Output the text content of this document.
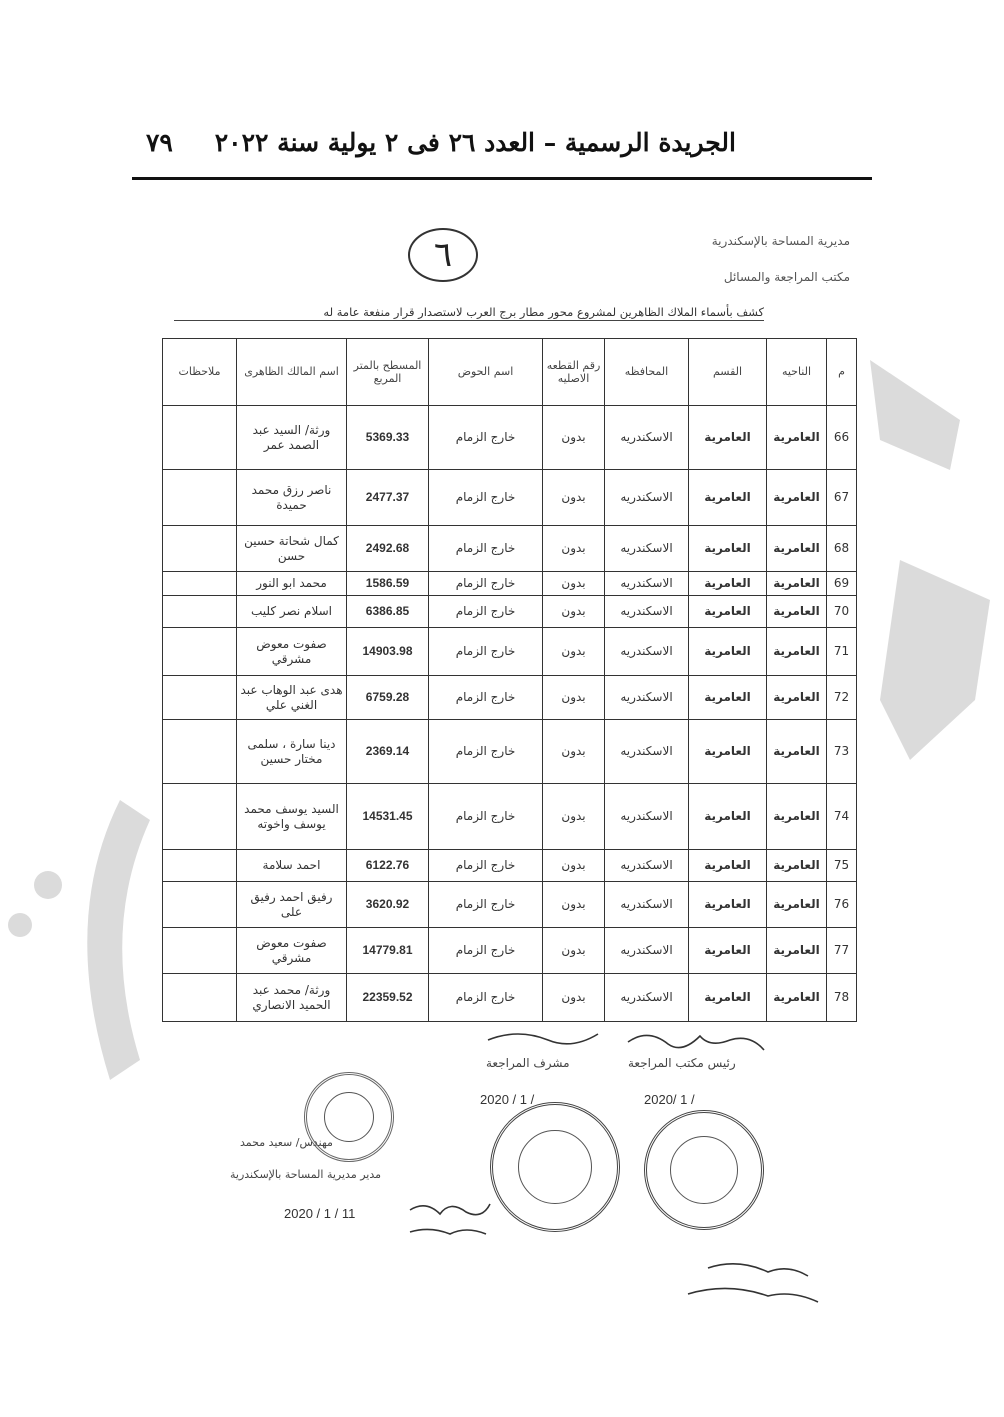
الجريدة الرسمية – العدد ٢٦ فى ٢ يولية سنة ٢٠٢٢
٧٩
مديرية المساحة بالإسكندرية
مكتب المراجعة والمسائل
٦
كشف بأسماء الملاك الظاهرين لمشروع محور مطار برج العرب لاستصدار قرار منفعة عامة له
م	الناحيه	القسم	المحافظه	رقم القطعه الاصليه	اسم الحوض	المسطح بالمتر المربع	اسم المالك الظاهرى	ملاحظات
66	العامرية	العامرية	الاسكندريه	بدون	خارج الزمام	5369.33	ورثة/ السيد عبد الصمد عمر	
67	العامرية	العامرية	الاسكندريه	بدون	خارج الزمام	2477.37	ناصر رزق محمد حميدة	
68	العامرية	العامرية	الاسكندريه	بدون	خارج الزمام	2492.68	كمال شحاتة حسين حسن	
69	العامرية	العامرية	الاسكندريه	بدون	خارج الزمام	1586.59	محمد ابو النور	
70	العامرية	العامرية	الاسكندريه	بدون	خارج الزمام	6386.85	اسلام نصر كليب	
71	العامرية	العامرية	الاسكندريه	بدون	خارج الزمام	14903.98	صفوت معوض مشرقي	
72	العامرية	العامرية	الاسكندريه	بدون	خارج الزمام	6759.28	هدى عبد الوهاب عبد الغني علي	
73	العامرية	العامرية	الاسكندريه	بدون	خارج الزمام	2369.14	دينا سارة ، سلمى مختار حسين	
74	العامرية	العامرية	الاسكندريه	بدون	خارج الزمام	14531.45	السيد يوسف محمد يوسف واخوته	
75	العامرية	العامرية	الاسكندريه	بدون	خارج الزمام	6122.76	احمد سلامة	
76	العامرية	العامرية	الاسكندريه	بدون	خارج الزمام	3620.92	رفيق احمد رفيق على	
77	العامرية	العامرية	الاسكندريه	بدون	خارج الزمام	14779.81	صفوت معوض مشرقي	
78	العامرية	العامرية	الاسكندريه	بدون	خارج الزمام	22359.52	ورثة/ محمد عبد الحميد الانصاري	
رئيس مكتب المراجعة
مشرف المراجعة
مهندس/ سعيد محمد
مدير مديرية المساحة بالإسكندرية
2020 / 1 /	2020/ 1 /
2020 / 1 / 11
